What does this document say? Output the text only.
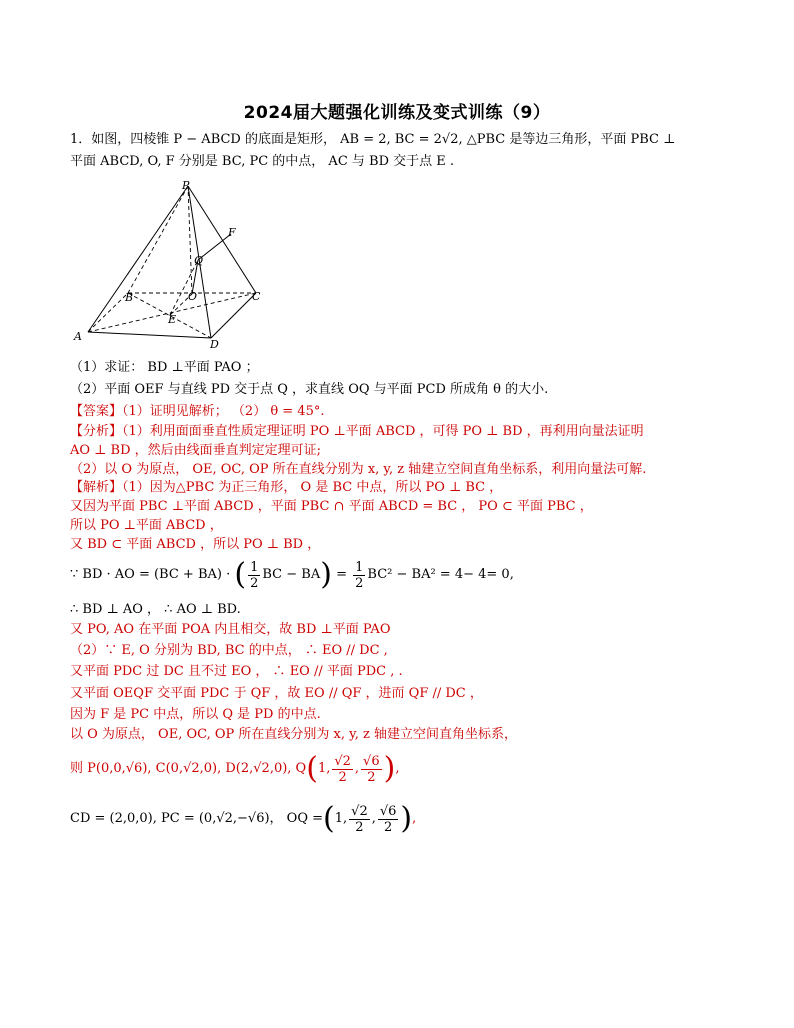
2024届大题强化训练及变式训练（9）
1．如图，四棱锥 P − ABCD 的底面是矩形， AB = 2, BC = 2√2, △PBC 是等边三角形，平面 PBC ⊥
平面 ABCD, O, F 分别是 BC, PC 的中点， AC 与 BD 交于点 E .
P
F
Q
B	O	C
E
A
D
（1）求证： BD ⊥平面 PAO ；
（2）平面 OEF 与直线 PD 交于点 Q ，求直线 OQ 与平面 PCD 所成角 θ 的大小.
【答案】（1）证明见解析； （2） θ = 45°.
【分析】（1）利用面面垂直性质定理证明 PO ⊥平面 ABCD ，可得 PO ⊥ BD ，再利用向量法证明
AO ⊥ BD ，然后由线面垂直判定定理可证;
（2）以 O 为原点， OE, OC, OP 所在直线分别为 x, y, z 轴建立空间直角坐标系，利用向量法可解.
【解析】（1）因为△PBC 为正三角形， O 是 BC 中点，所以 PO ⊥ BC ，
又因为平面 PBC ⊥平面 ABCD ，平面 PBC ∩ 平面 ABCD = BC ， PO ⊂ 平面 PBC ，
所以 PO ⊥平面 ABCD ，
又 BD ⊂ 平面 ABCD ，所以 PO ⊥ BD ，
∵ BD · AO = (BC + BA) · ( $\frac{1}{2}$ BC − $BA) = \frac{1}{2} BC^2 - BA^2 = 4- 4= 0$,
∴ BD ⊥ AO ， ∴ AO ⊥ BD.
又 PO, AO 在平面 POA 内且相交，故 BD ⊥平面 PAO
（2）∵ E, O 分别为 BD, BC 的中点， ∴ EO // DC ,
又平面 PDC 过 DC 且不过 EO ， ∴ EO // 平面 PDC , .
又平面 OEQF 交平面 PDC 于 QF ，故 EO // QF ，进而 QF // DC ，
因为 F 是 PC 中点，所以 Q 是 PD 的中点.
以 O 为原点， OE, OC, OP 所在直线分别为 x, y, z 轴建立空间直角坐标系，
则 P(0,0,√6), C(0,√2,0), D(2,√2,0), Q(1, $\frac{√2}{2}$ , $\frac{√6}{2}$ ),
CD = (2,0,0), PC = (0,√2,−√6)， OQ =(1, $\frac{√2}{2}$ , $\frac{√6}{2}$ ),
